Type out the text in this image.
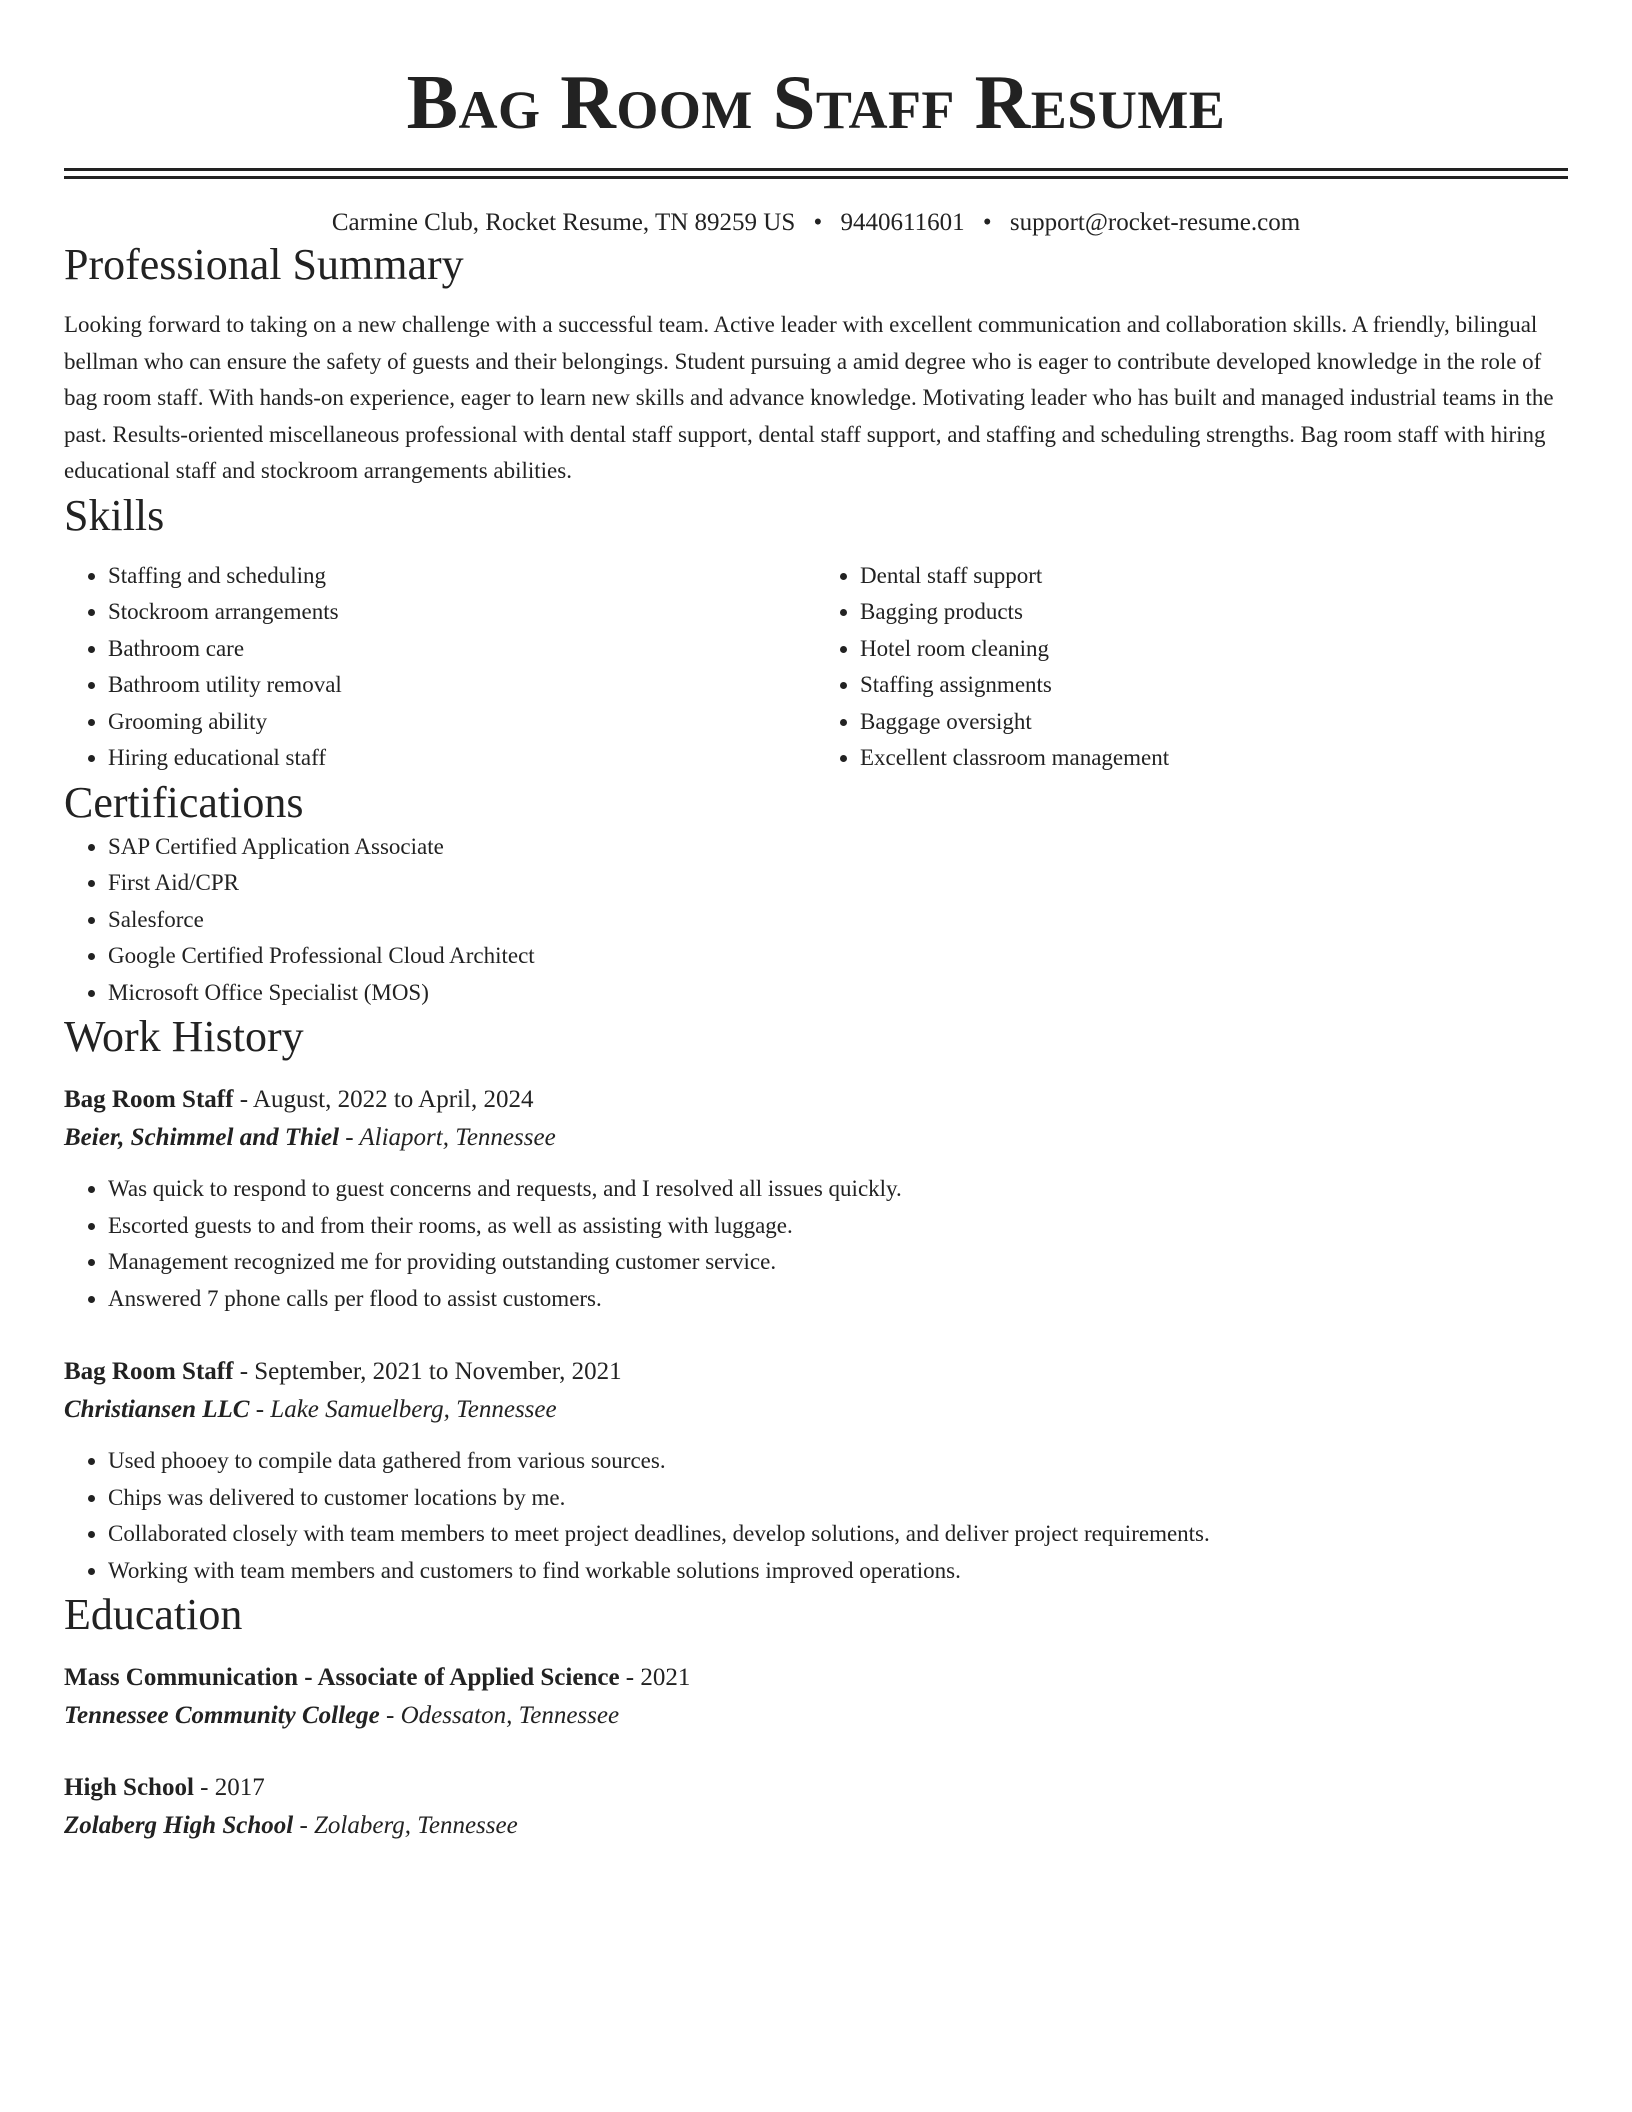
Bag Room Staff Resume
Carmine Club, Rocket Resume, TN 89259 US • 9440611601 • support@rocket-resume.com
Professional Summary

Looking forward to taking on a new challenge with a successful team. Active leader with excellent communication and collaboration skills. A friendly, bilingual bellman who can ensure the safety of guests and their belongings. Student pursuing a amid degree who is eager to contribute developed knowledge in the role of bag room staff. With hands-on experience, eager to learn new skills and advance knowledge. Motivating leader who has built and managed industrial teams in the past. Results-oriented miscellaneous professional with dental staff support, dental staff support, and staffing and scheduling strengths. Bag room staff with hiring educational staff and stockroom arrangements abilities.

Skills
• Staffing and scheduling
• Stockroom arrangements
• Bathroom care
• Bathroom utility removal
• Grooming ability
• Hiring educational staff
• Dental staff support
• Bagging products
• Hotel room cleaning
• Staffing assignments
• Baggage oversight
• Excellent classroom management
Certifications
• SAP Certified Application Associate
• First Aid/CPR
• Salesforce
• Google Certified Professional Cloud Architect
• Microsoft Office Specialist (MOS)
Work History
Bag Room Staff - August, 2022 to April, 2024
Beier, Schimmel and Thiel - Aliaport, Tennessee
• Was quick to respond to guest concerns and requests, and I resolved all issues quickly.
• Escorted guests to and from their rooms, as well as assisting with luggage.
• Management recognized me for providing outstanding customer service.
• Answered 7 phone calls per flood to assist customers.
Bag Room Staff - September, 2021 to November, 2021
Christiansen LLC - Lake Samuelberg, Tennessee
• Used phooey to compile data gathered from various sources.
• Chips was delivered to customer locations by me.
• Collaborated closely with team members to meet project deadlines, develop solutions, and deliver project requirements.
• Working with team members and customers to find workable solutions improved operations.
Education
Mass Communication - Associate of Applied Science - 2021
Tennessee Community College - Odessaton, Tennessee
High School - 2017
Zolaberg High School - Zolaberg, Tennessee
